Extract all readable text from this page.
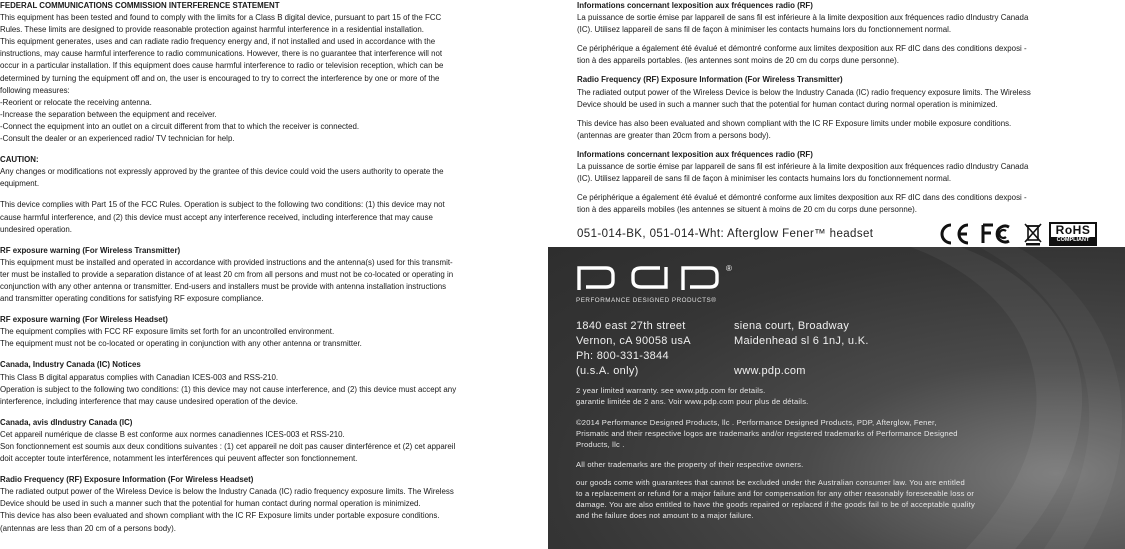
FEDERAL COMMUNICATIONS COMMISSION INTERFERENCE STATEMENT
This equipment has been tested and found to comply with the limits for a Class B digital device, pursuant to part 15 of the FCC
Rules. These limits are designed to provide reasonable protection against harmful interference in a residential installation.
This equipment generates, uses and can radiate radio frequency energy and, if not installed and used in accordance with the
instructions, may cause harmful interference to radio communications. However, there is no guarantee that interference will not
occur in a particular installation. If this equipment does cause harmful interference to radio or television reception, which can be
determined by turning the equipment off and on, the user is encouraged to try to correct the interference by one or more of the
following measures:
-Reorient or relocate the receiving antenna.
-Increase the separation between the equipment and receiver.
-Connect the equipment into an outlet on a circuit different from that to which the receiver is connected.
-Consult the dealer or an experienced radio/ TV technician for help.
CAUTION:
Any changes or modifications not expressly approved by the grantee of this device could void the users authority to operate the
equipment.
This device complies with Part 15 of the FCC Rules. Operation is subject to the following two conditions: (1) this device may not
cause harmful interference, and (2) this device must accept any interference received, including interference that may cause
undesired operation.
RF exposure warning (For Wireless Transmitter)
This equipment must be installed and operated in accordance with provided instructions and the antenna(s) used for this transmit-
ter must be installed to provide a separation distance of at least 20 cm from all persons and must not be co-located or operating in
conjunction with any other antenna or transmitter. End-users and installers must be provide with antenna installation instructions
and transmitter operating conditions for satisfying RF exposure compliance.
RF exposure warning (For Wireless Headset)
The equipment complies with FCC RF exposure limits set forth for an uncontrolled environment.
The equipment must not be co-located or operating in conjunction with any other antenna or transmitter.
Canada, Industry Canada (IC) Notices
This Class B digital apparatus complies with Canadian ICES-003 and RSS-210.
Operation is subject to the following two conditions: (1) this device may not cause interference, and (2) this device must accept any
interference, including interference that may cause undesired operation of the device.
Canada, avis dIndustry Canada (IC)
Cet appareil numérique de classe B est conforme aux normes canadiennes ICES-003 et RSS-210.
Son fonctionnement est soumis aux deux conditions suivantes : (1) cet appareil ne doit pas causer dinterférence et (2) cet appareil
doit accepter toute interférence, notamment les interférences qui peuvent affecter son fonctionnement.
Radio Frequency (RF) Exposure Information (For Wireless Headset)
The radiated output power of the Wireless Device is below the Industry Canada (IC) radio frequency exposure limits. The Wireless
Device should be used in such a manner such that the potential for human contact during normal operation is minimized.
This device has also been evaluated and shown compliant with the IC RF Exposure limits under portable exposure conditions.
(antennas are less than 20 cm of a persons body).
Informations concernant lexposition aux fréquences radio (RF)
La puissance de sortie émise par lappareil de sans fil est inférieure à la limite dexposition aux fréquences radio dIndustry Canada
(IC). Utilisez lappareil de sans fil de façon à minimiser les contacts humains lors du fonctionnement normal.
Ce périphérique a également été évalué et démontré conforme aux limites dexposition aux RF dIC dans des conditions dexposi -
tion à des appareils portables. (les antennes sont moins de 20 cm du corps dune personne).
Radio Frequency (RF) Exposure Information (For Wireless Transmitter)
The radiated output power of the Wireless Device is below the Industry Canada (IC) radio frequency exposure limits. The Wireless
Device should be used in such a manner such that the potential for human contact during normal operation is minimized.
This device has also been evaluated and shown compliant with the IC RF Exposure limits under mobile exposure conditions.
(antennas are greater than 20cm from a persons body).
Informations concernant lexposition aux fréquences radio (RF)
La puissance de sortie émise par lappareil de sans fil est inférieure à la limite dexposition aux fréquences radio dIndustry Canada
(IC). Utilisez lappareil de sans fil de façon à minimiser les contacts humains lors du fonctionnement normal.
Ce périphérique a également été évalué et démontré conforme aux limites dexposition aux RF dIC dans des conditions dexposi -
tion à des appareils mobiles (les antennes se situent à moins de 20 cm du corps dune personne).
051-014-BK, 051-014-Wht: Afterglow Fener™ headset	RoHS
COMPLIANT
®
PERFORMANCE DESIGNED PRODUCTS®
1840 east 27th street
Vernon, cA 90058 usA
Ph: 800-331-3844
(u.s.A. only)
siena court, Broadway
Maidenhead sl 6 1nJ, u.K.
www.pdp.com
2 year limited warranty. see www.pdp.com for details.
garantie limitée de 2 ans. Voir www.pdp.com pour plus de détails.
©2014 Performance Designed Products, llc . Performance Designed Products, PDP, Afterglow, Fener,
Prismatic and their respective logos are trademarks and/or registered trademarks of Performance Designed
Products, llc .
All other trademarks are the property of their respective owners.
our goods come with guarantees that cannot be excluded under the Australian consumer law. You are entitled
to a replacement or refund for a major failure and for compensation for any other reasonably foreseeable loss or
damage. You are also entitled to have the goods repaired or replaced if the goods fail to be of acceptable quality
and the failure does not amount to a major failure.
